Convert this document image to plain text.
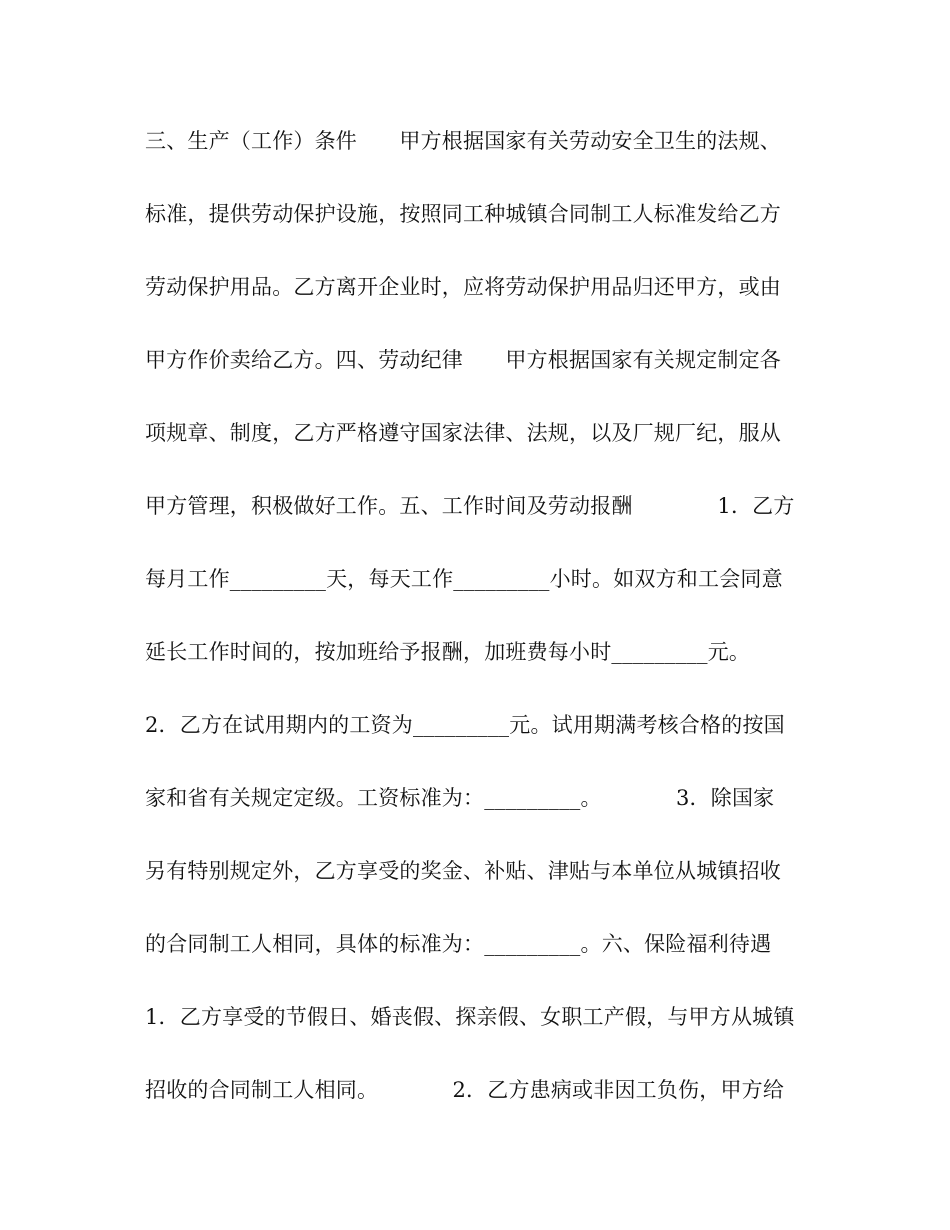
三、生产（工作）条件　　甲方根据国家有关劳动安全卫生的法规、
标准，提供劳动保护设施，按照同工种城镇合同制工人标准发给乙方
劳动保护用品。乙方离开企业时，应将劳动保护用品归还甲方，或由
甲方作价卖给乙方。四、劳动纪律　　甲方根据国家有关规定制定各
项规章、制度，乙方严格遵守国家法律、法规，以及厂规厂纪，服从
甲方管理，积极做好工作。五、工作时间及劳动报酬　　　　1．乙方
每月工作_________天，每天工作_________小时。如双方和工会同意
延长工作时间的，按加班给予报酬，加班费每小时_________元。
2．乙方在试用期内的工资为_________元。试用期满考核合格的按国
家和省有关规定定级。工资标准为：_________。　　　　3．除国家
另有特别规定外，乙方享受的奖金、补贴、津贴与本单位从城镇招收
的合同制工人相同，具体的标准为：_________。六、保险福利待遇
1．乙方享受的节假日、婚丧假、探亲假、女职工产假，与甲方从城镇
招收的合同制工人相同。　　　　2．乙方患病或非因工负伤，甲方给
